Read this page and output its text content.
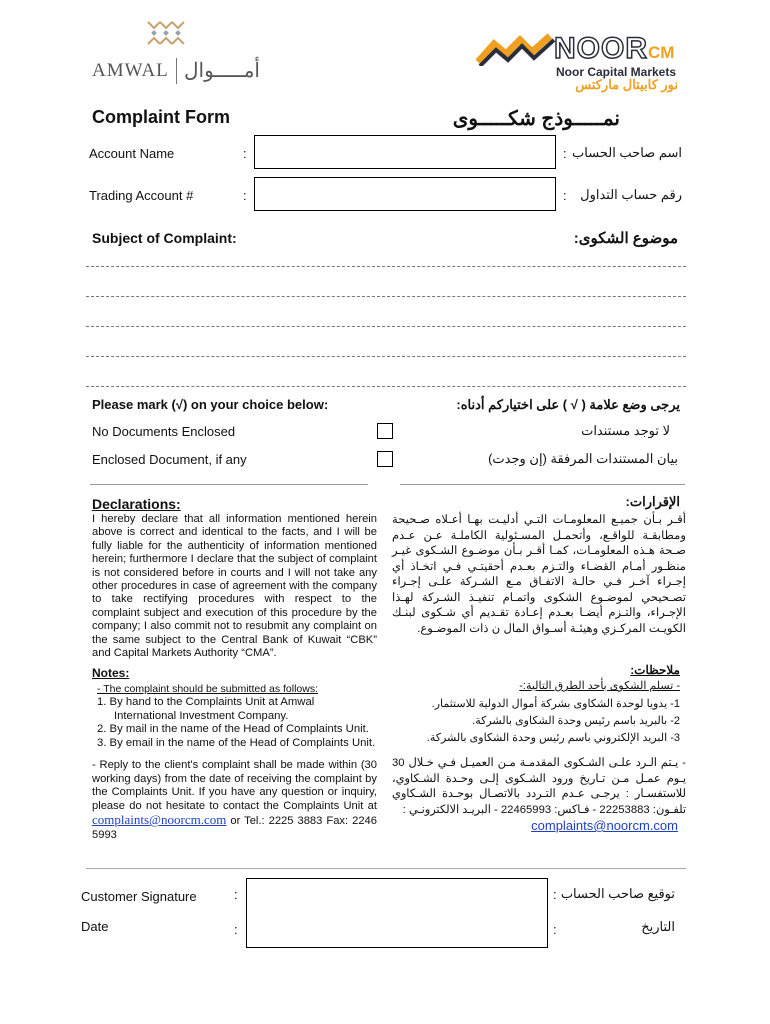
AMWAL أمـــــوال
NOORCM
Noor Capital Markets
نور كابيتال ماركتس
Complaint Form	نمـــــوذج شكـــــوى
Account Name	:	: اسم صاحب الحساب
Trading Account #	:	: رقم حساب التداول
Subject of Complaint:	موضوع الشكوى:
Please mark (√) on your choice below:	يرجى وضع علامة ( √ ) على اختياركم أدناه:
No Documents Enclosed	لا توجد مستندات
Enclosed Document, if any	بيان المستندات المرفقة (إن وجدت)
Declarations:	:الإقرارات
I hereby declare that all information mentioned herein above is correct and identical to the facts, and I will be fully liable for the authenticity of information mentioned herein; furthermore I declare that the subject of complaint is not considered before in courts and I will not take any other procedures in case of agreement with the company to take rectifying procedures with respect to the complaint subject and execution of this procedure by the company; I also commit not to resubmit any complaint on the same subject to the Central Bank of Kuwait “CBK” and Capital Markets Authority “CMA”.
أقـر بـأن جميـع المعلومـات التـي أدليـت بهـا أعـلاه صـحيحة ومطابقـة للواقـع، وأتحمـل المسـئولية الكاملـة عـن عـدم صـحة هـذه المعلومـات، كمـا أقـر بـأن موضـوع الشـكوى غيـر منظـور أمـام القضـاء والتـزم بعـدم أحقيتـي فـي اتخـاذ أي إجـراء آخـر فـي حالـة الاتفـاق مـع الشـركة علـى إجـراء تصـحيحي لموضـوع الشكوى واتمـام تنفيـذ الشـركة لهـذا الإجـراء، والتـزم أيضـا بعـدم إعـادة تقـديم أي شـكوى لبنـك الكويـت المركـزي وهيئـة أسـواق المال ن ذات الموضـوع.
Notes:
- The complaint should be submitted as follows:
1. By hand to the Complaints Unit at Amwal
International Investment Company.
2. By mail in the name of the Head of Complaints Unit.
3. By email in the name of the Head of Complaints Unit.
ملاحظات:
- تسلم الشكوى بأحد الطرق التالية:-
1- يدويا لوحدة الشكاوى بشركة أموال الدولية للاستثمار.
2- بالبريد باسم رئيس وحدة الشكاوى بالشركة.
3- البريد الإلكتروني باسم رئيس وحدة الشكاوى بالشركة.
- Reply to the client's complaint shall be made within (30 working days) from the date of receiving the complaint by the Complaints Unit. If you have any question or inquiry, please do not hesitate to contact the Complaints Unit at complaints@noorcm.com or Tel.: 2225 3883 Fax: 2246 5993
- يـتم الـرد علـى الشـكوى المقدمـة مـن العميـل فـي خـلال 30 يـوم عمـل مـن تـاريخ ورود الشـكوى إلـى وحـدة الشـكاوي، للاستفسـار : يرجـى عـدم التـردد بالاتصـال بوحـدة الشـكاوي تلفـون: 22253883 - فـاكس: 22465993 - البريـد الالكترونـي :
complaints@noorcm.com
Customer Signature	:	: توقيع صاحب الحساب
Date	:	:	التاريخ
